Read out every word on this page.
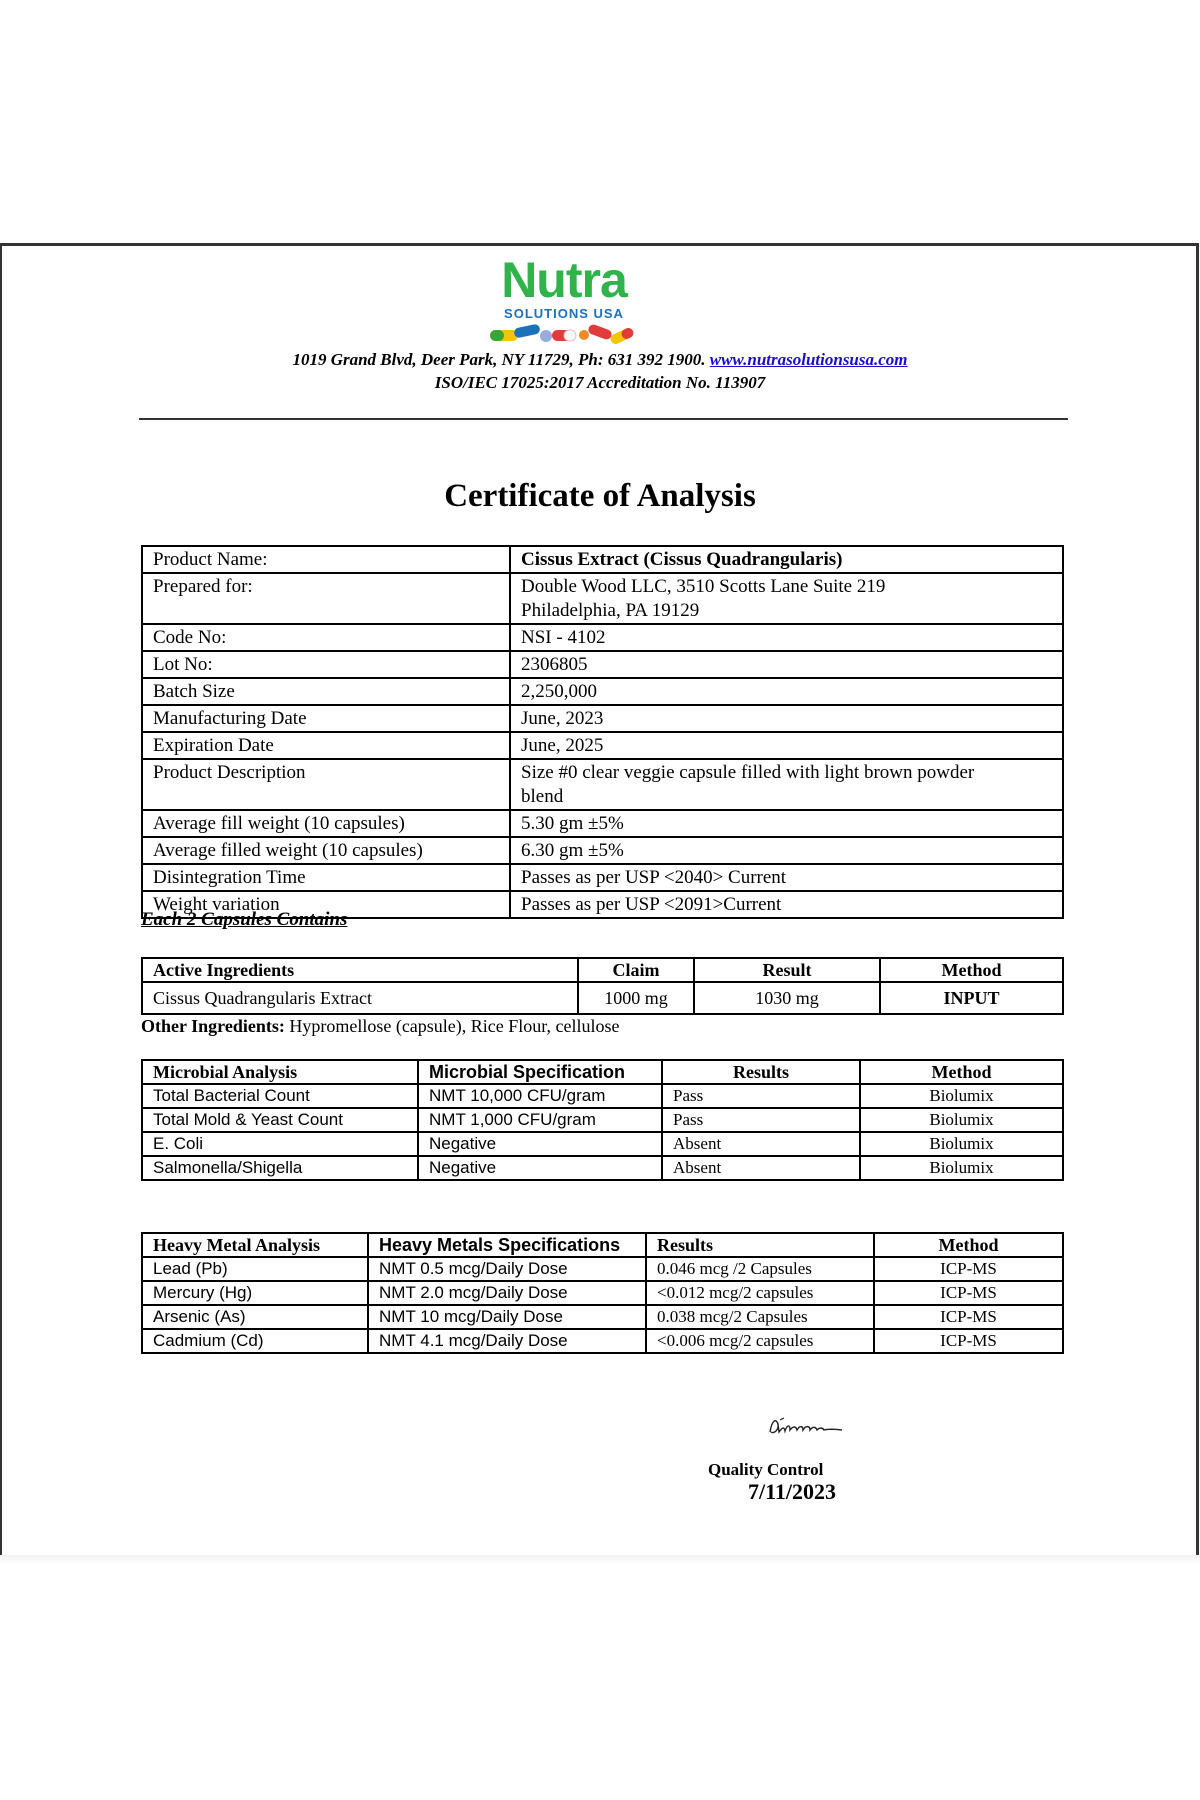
Nutra
SOLUTIONS USA
1019 Grand Blvd, Deer Park, NY 11729, Ph: 631 392 1900. www.nutrasolutionsusa.com
ISO/IEC 17025:2017 Accreditation No. 113907
Certificate of Analysis
Product Name:	Cissus Extract (Cissus Quadrangularis)

Prepared for:	Double Wood LLC, 3510 Scotts Lane Suite 219
Philadelphia, PA 19129

Code No:	NSI - 4102

Lot No:	2306805

Batch Size	2,250,000

Manufacturing Date	June, 2023

Expiration Date	June, 2025

Product Description	Size #0 clear veggie capsule filled with light brown powder
blend

Average fill weight (10 capsules)	5.30 gm ±5%

Average filled weight (10 capsules)	6.30 gm ±5%

Disintegration Time	Passes as per USP <2040> Current

Weight variation	Passes as per USP <2091>Current
Each 2 Capsules Contains
Active Ingredients	Claim	Result	Method
Cissus Quadrangularis Extract	1000 mg	1030 mg	INPUT
Other Ingredients: Hypromellose (capsule), Rice Flour, cellulose
Microbial Analysis	Microbial Specification	Results	Method
Total Bacterial Count	NMT 10,000 CFU/gram	Pass	Biolumix
Total Mold & Yeast Count	NMT 1,000 CFU/gram	Pass	Biolumix
E. Coli	Negative	Absent	Biolumix
Salmonella/Shigella	Negative	Absent	Biolumix
Heavy Metal Analysis	Heavy Metals Specifications	Results	Method
Lead (Pb)	NMT 0.5 mcg/Daily Dose	0.046 mcg /2 Capsules	ICP-MS
Mercury (Hg)	NMT 2.0 mcg/Daily Dose	<0.012 mcg/2 capsules	ICP-MS
Arsenic (As)	NMT 10 mcg/Daily Dose	0.038 mcg/2 Capsules	ICP-MS
Cadmium (Cd)	NMT 4.1 mcg/Daily Dose	<0.006 mcg/2 capsules	ICP-MS
Quality Control
7/11/2023
